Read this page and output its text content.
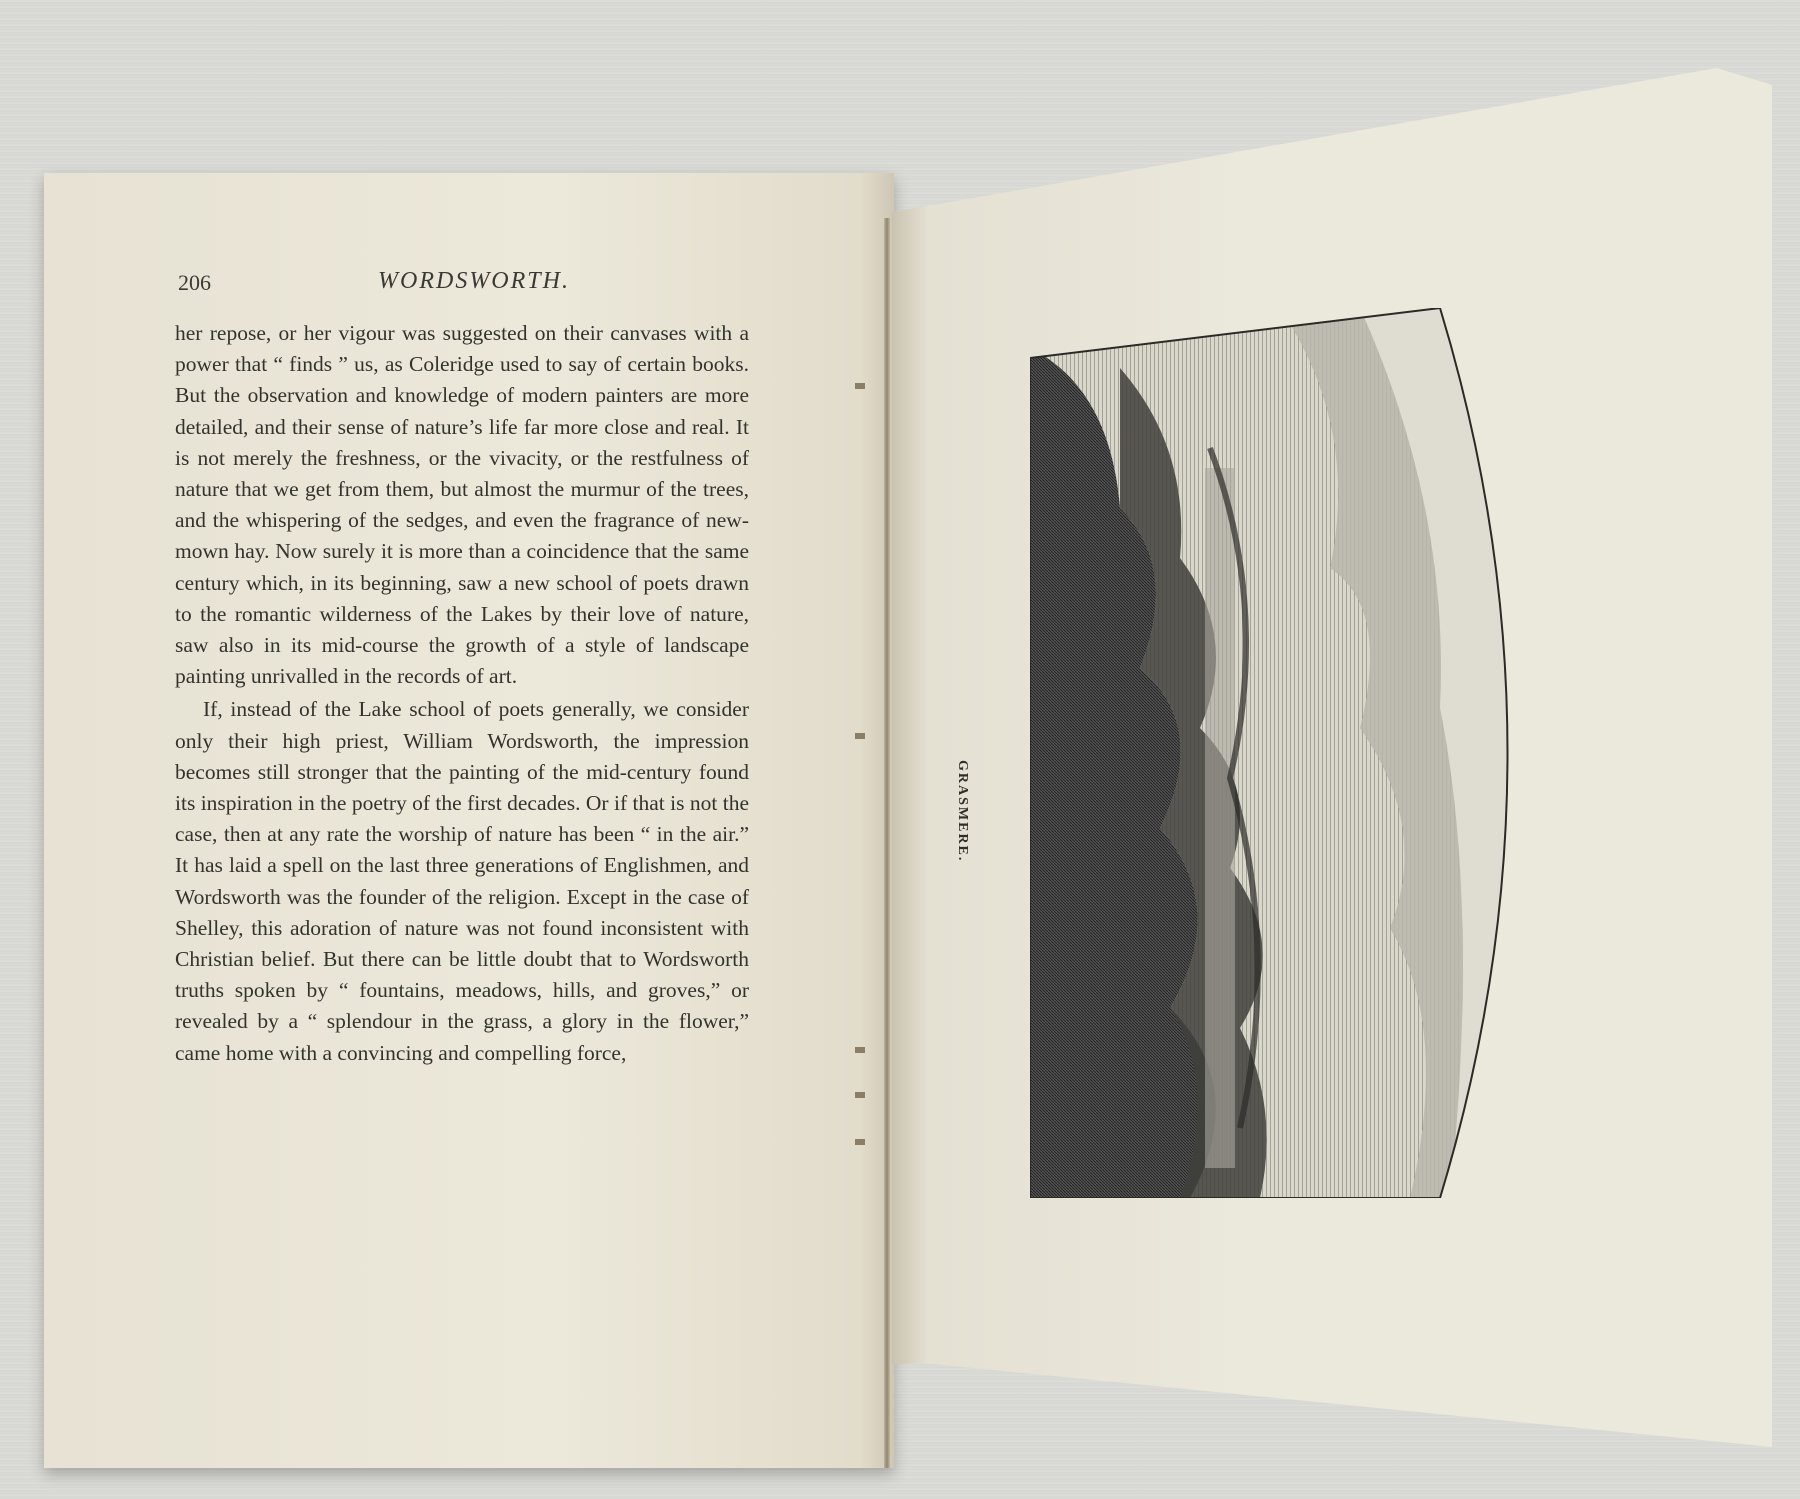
206	WORDSWORTH.

her repose, or her vigour was suggested on their canvases with a power that “ finds ” us, as Coleridge used to say of certain books. But the observation and knowledge of modern painters are more detailed, and their sense of nature’s life far more close and real. It is not merely the freshness, or the vivacity, or the restfulness of nature that we get from them, but almost the murmur of the trees, and the whispering of the sedges, and even the fragrance of new-mown hay. Now surely it is more than a coincidence that the same century which, in its beginning, saw a new school of poets drawn to the romantic wilderness of the Lakes by their love of nature, saw also in its mid-course the growth of a style of landscape painting unrivalled in the records of art.

If, instead of the Lake school of poets generally, we consider only their high priest, William Wordsworth, the impression becomes still stronger that the painting of the mid-century found its inspiration in the poetry of the first decades. Or if that is not the case, then at any rate the worship of nature has been “ in the air.” It has laid a spell on the last three generations of Englishmen, and Wordsworth was the founder of the religion. Except in the case of Shelley, this adoration of nature was not found inconsistent with Christian belief. But there can be little doubt that to Wordsworth truths spoken by “ fountains, meadows, hills, and groves,” or revealed by a “ splendour in the grass, a glory in the flower,” came home with a convincing and compelling force,

GRASMERE.
